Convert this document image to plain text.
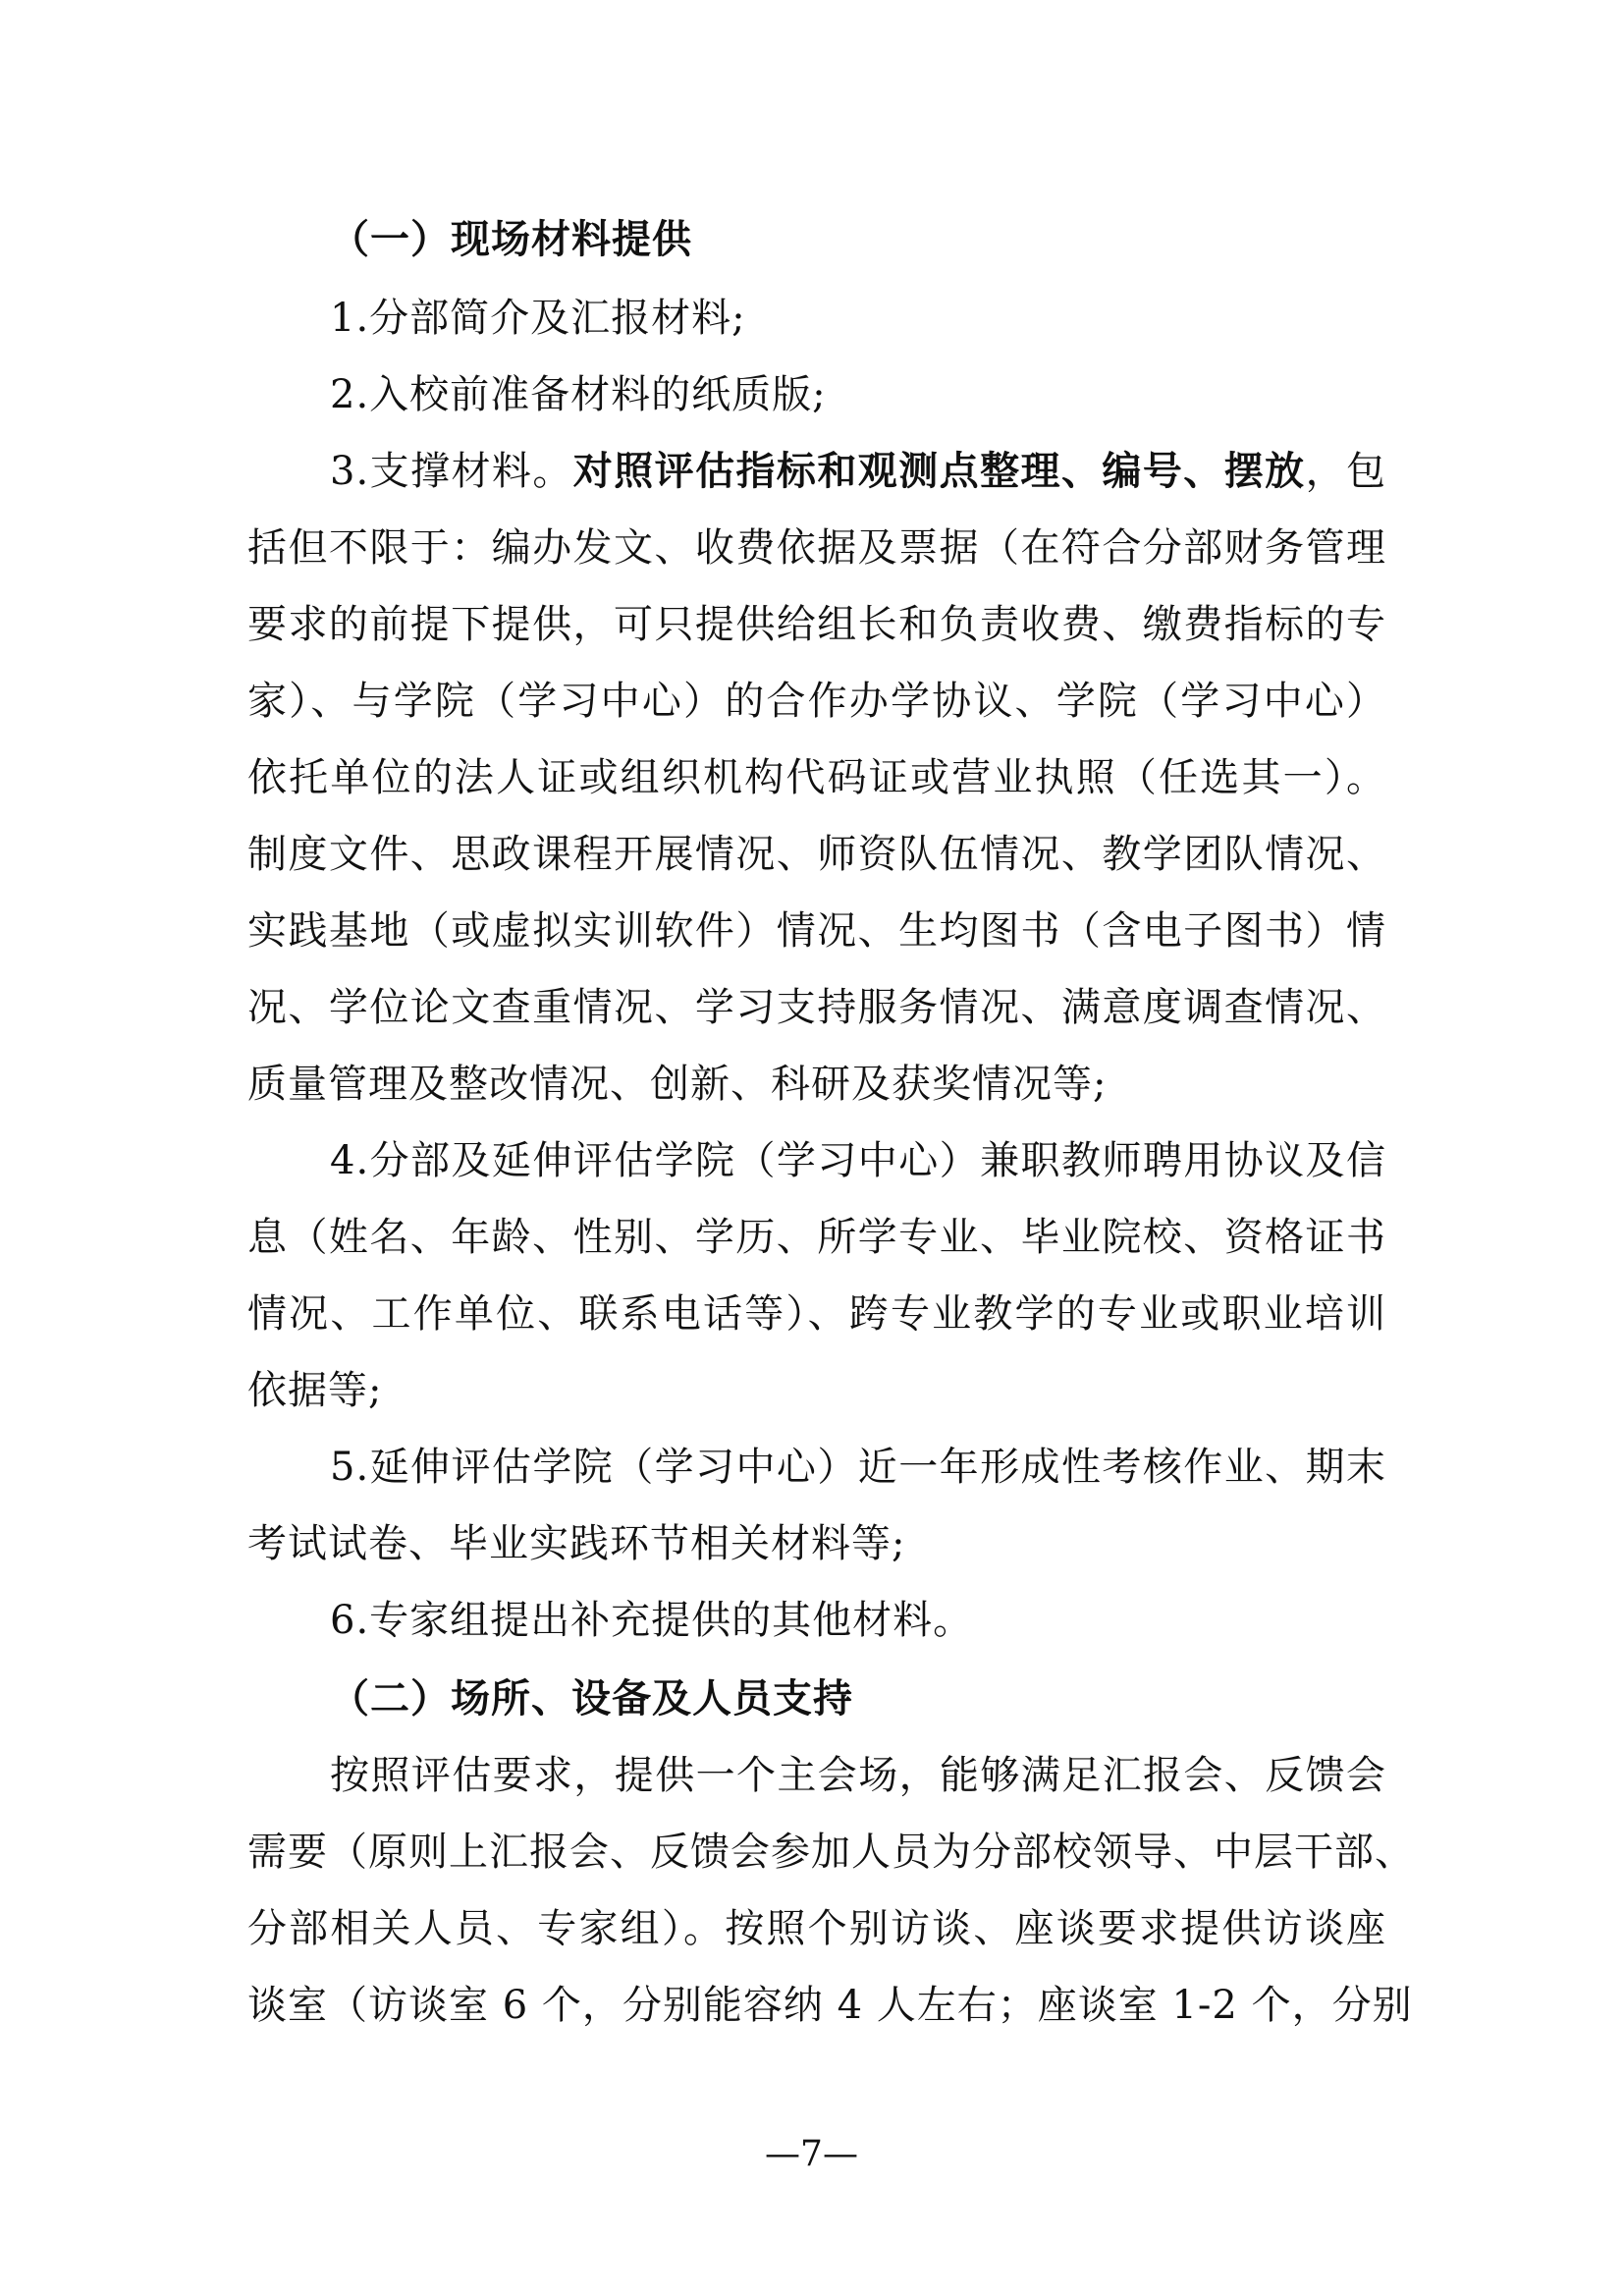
（一）现场材料提供
1.分部简介及汇报材料;
2.入校前准备材料的纸质版;
3.支撑材料。对照评估指标和观测点整理、编号、摆放，包
括但不限于：编办发文、收费依据及票据（在符合分部财务管理
要求的前提下提供，可只提供给组长和负责收费、缴费指标的专
家）、与学院（学习中心）的合作办学协议、学院（学习中心）
依托单位的法人证或组织机构代码证或营业执照（任选其一）。
制度文件、思政课程开展情况、师资队伍情况、教学团队情况、
实践基地（或虚拟实训软件）情况、生均图书（含电子图书）情
况、学位论文查重情况、学习支持服务情况、满意度调查情况、
质量管理及整改情况、创新、科研及获奖情况等;
4.分部及延伸评估学院（学习中心）兼职教师聘用协议及信
息（姓名、年龄、性别、学历、所学专业、毕业院校、资格证书
情况、工作单位、联系电话等）、跨专业教学的专业或职业培训
依据等;
5.延伸评估学院（学习中心）近一年形成性考核作业、期末
考试试卷、毕业实践环节相关材料等;
6.专家组提出补充提供的其他材料。
（二）场所、设备及人员支持
按照评估要求，提供一个主会场，能够满足汇报会、反馈会
需要（原则上汇报会、反馈会参加人员为分部校领导、中层干部、
分部相关人员、专家组）。按照个别访谈、座谈要求提供访谈座
谈室（访谈室 6 个，分别能容纳 4 人左右；座谈室 1-2 个，分别
—7—
